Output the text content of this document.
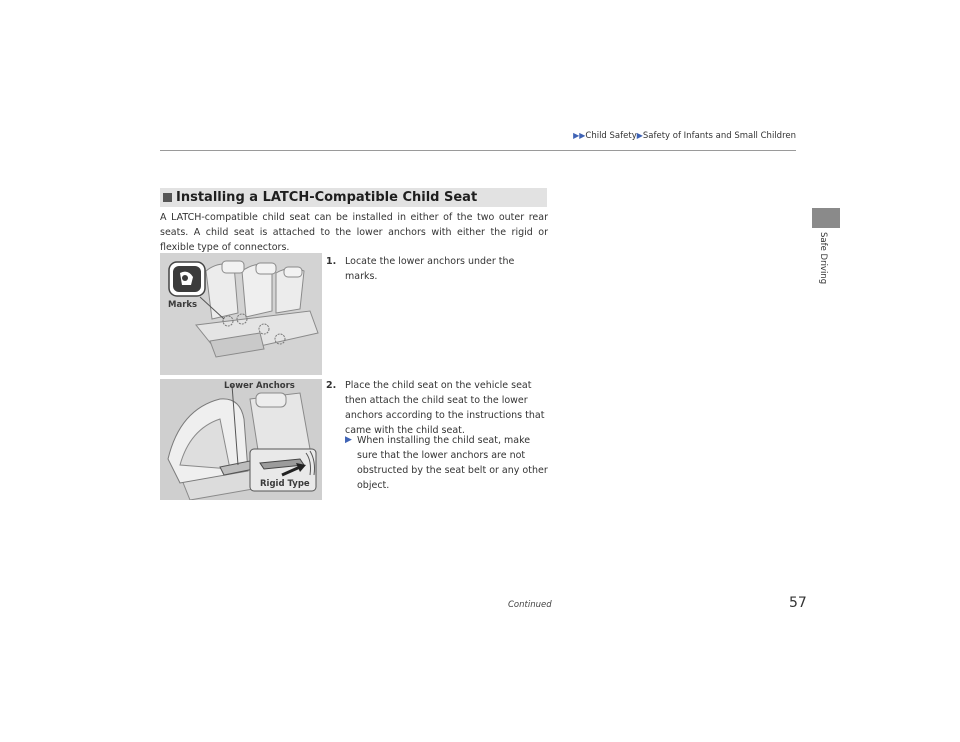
▶▶Child Safety▶Safety of Infants and Small Children
Safe Driving
Installing a LATCH-Compatible Child Seat
A LATCH-compatible child seat can be installed in either of the two outer rear seats. A child seat is attached to the lower anchors with either the rigid or flexible type of connectors.
Marks
Lower Anchors
Rigid Type
1. Locate the lower anchors under the marks.
2. Place the child seat on the vehicle seat then attach the child seat to the lower anchors according to the instructions that came with the child seat.
▶ When installing the child seat, make sure that the lower anchors are not obstructed by the seat belt or any other object.
Continued	57
